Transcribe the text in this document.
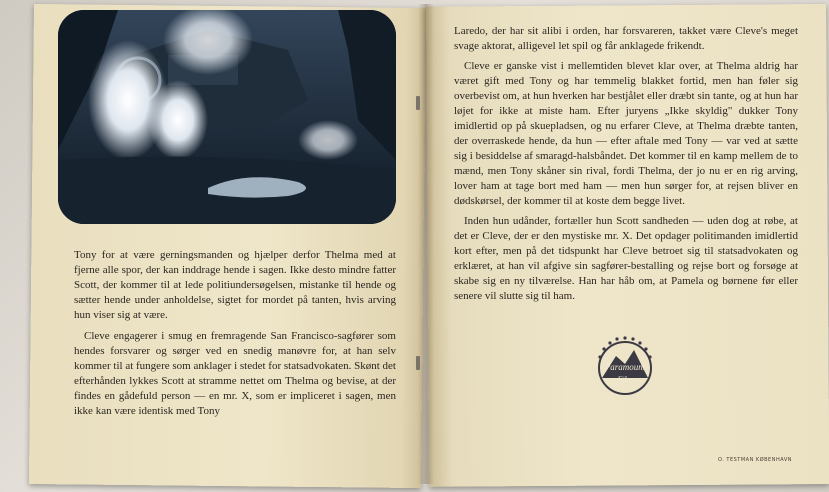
Tony for at være gerningsmanden og hjælper derfor Thelma med at fjerne alle spor, der kan inddrage hende i sagen. Ikke desto mindre fatter Scott, der kommer til at lede politiundersøgelsen, mistanke til hende og sætter hende under anholdelse, sigtet for mordet på tanten, hvis arving hun viser sig at være.

Cleve engagerer i smug en fremragende San Francisco-sagfører som hendes forsvarer og sørger ved en snedig manøvre for, at han selv kommer til at fungere som anklager i stedet for statsadvokaten. Skønt det efterhånden lykkes Scott at stramme nettet om Thelma og bevise, at der findes en gådefuld person — en mr. X, som er impliceret i sagen, men ikke kan være identisk med Tony

Laredo, der har sit alibi i orden, har forsvareren, takket være Cleve's meget svage aktorat, alligevel let spil og får anklagede frikendt.

Cleve er ganske vist i mellemtiden blevet klar over, at Thelma aldrig har været gift med Tony og har temmelig blakket fortid, men han føler sig overbevist om, at hun hverken har bestjålet eller dræbt sin tante, og at hun har løjet for ikke at miste ham. Efter juryens „Ikke skyldig" dukker Tony imidlertid op på skuepladsen, og nu erfarer Cleve, at Thelma dræbte tanten, der overraskede hende, da hun — efter aftale med Tony — var ved at sætte sig i besiddelse af smaragd-halsbåndet. Det kommer til en kamp mellem de to mænd, men Tony skåner sin rival, fordi Thelma, der jo nu er en rig arving, lover ham at tage bort med ham — men hun sørger for, at rejsen bliver en dødskørsel, der kommer til at koste dem begge livet.

Inden hun udånder, fortæller hun Scott sandheden — uden dog at røbe, at det er Cleve, der er den mystiske mr. X. Det opdager politimanden imidlertid kort efter, men på det tidspunkt har Cleve betroet sig til statsadvokaten og erklæret, at han vil afgive sin sagfører-bestalling og rejse bort og forsøge at skabe sig en ny tilværelse. Han har håb om, at Pamela og børnene før eller senere vil slutte sig til ham.

Paramount
Film
O. TESTMAN KØBENHAVN
